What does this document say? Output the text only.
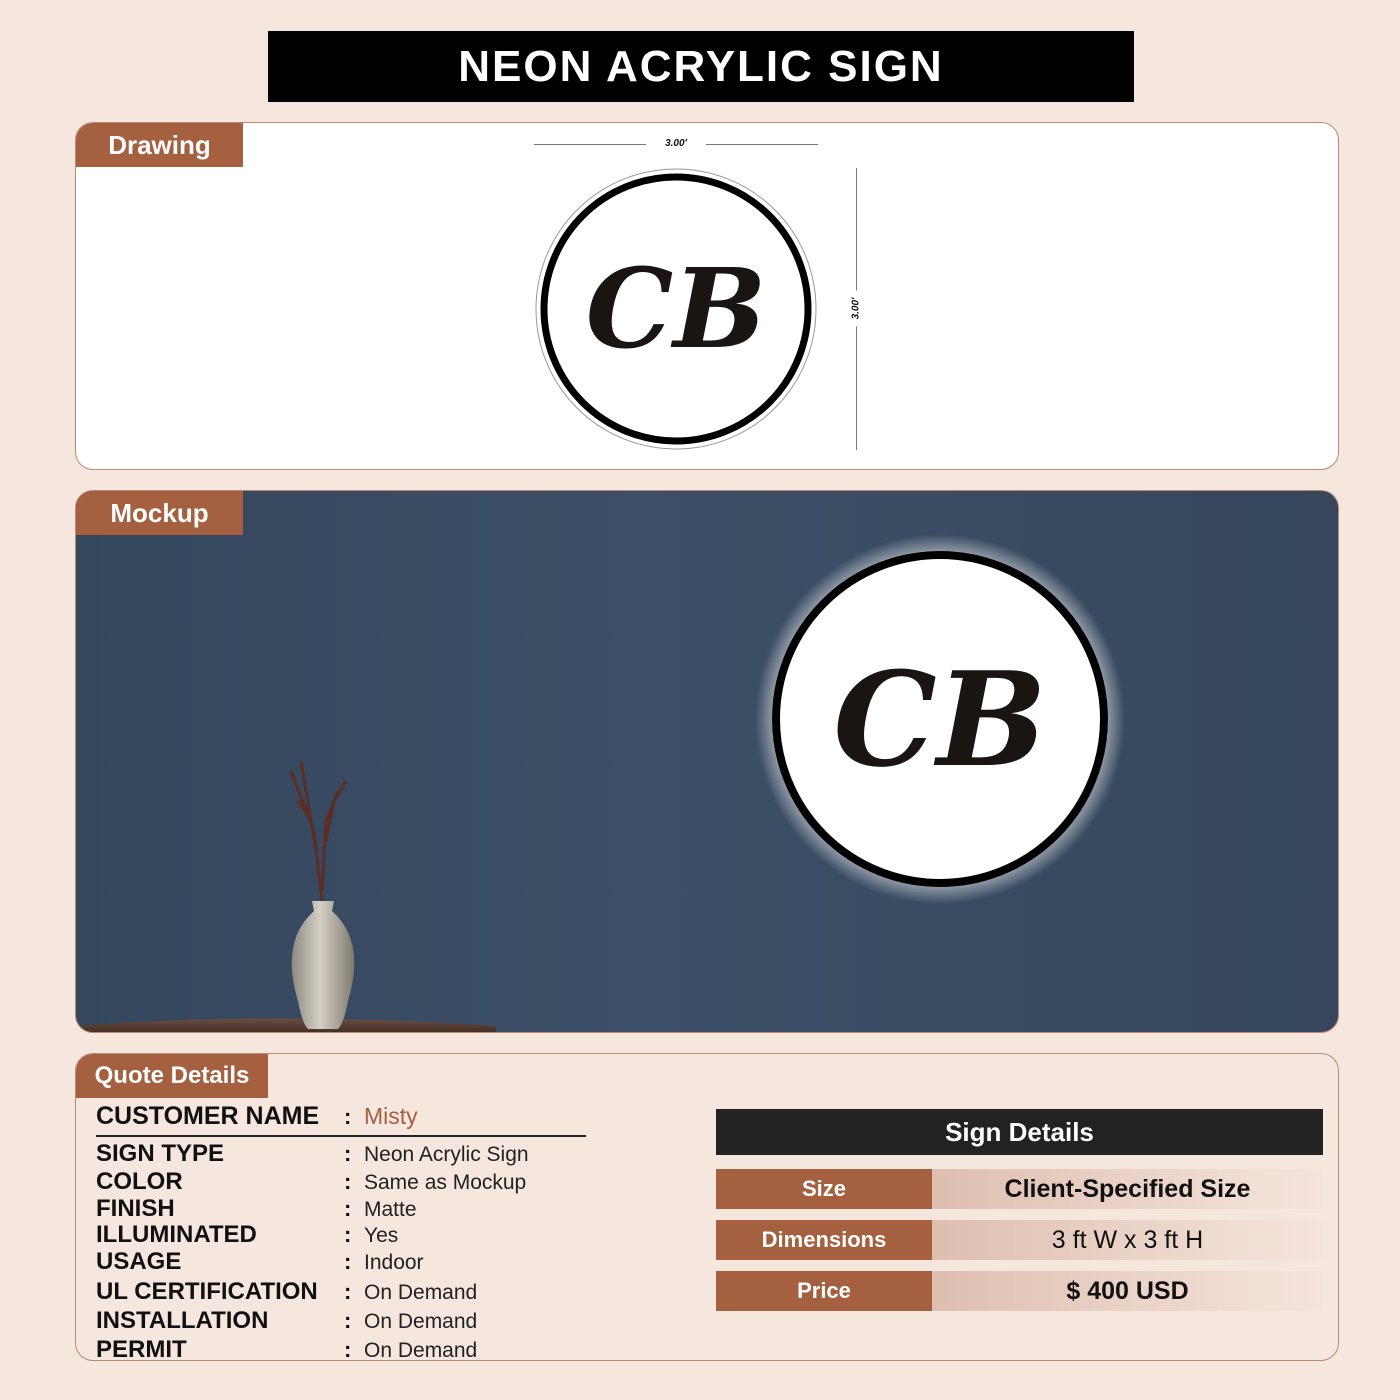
NEON ACRYLIC SIGN
Drawing	3.00'
3.00'
CB
CB
Mockup
Quote Details
CUSTOMER NAME	: Misty
SIGN TYPE	: Neon Acrylic Sign
COLOR	: Same as Mockup
FINISH	: Matte
ILLUMINATED	: Yes
USAGE	: Indoor
UL CERTIFICATION	: On Demand
INSTALLATION	: On Demand
PERMIT	: On Demand
Sign Details
Size	Client-Specified Size
Dimensions	3 ft W x 3 ft H
Price	$ 400 USD
